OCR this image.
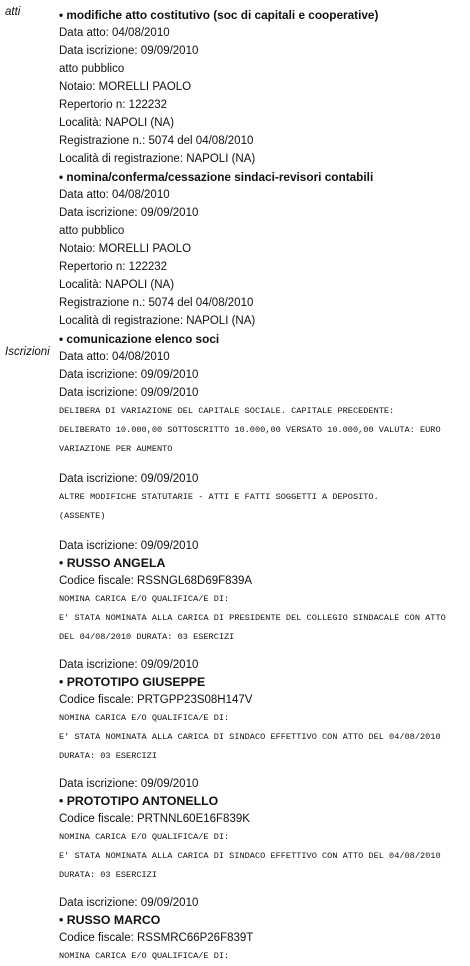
atti
Iscrizioni
• modifiche atto costitutivo (soc di capitali e cooperative)
Data atto: 04/08/2010
Data iscrizione: 09/09/2010
atto pubblico
Notaio: MORELLI PAOLO
Repertorio n: 122232
Località: NAPOLI (NA)
Registrazione n.: 5074 del 04/08/2010
Località di registrazione: NAPOLI (NA)
• nomina/conferma/cessazione sindaci-revisori contabili
Data atto: 04/08/2010
Data iscrizione: 09/09/2010
atto pubblico
Notaio: MORELLI PAOLO
Repertorio n: 122232
Località: NAPOLI (NA)
Registrazione n.: 5074 del 04/08/2010
Località di registrazione: NAPOLI (NA)
• comunicazione elenco soci
Data atto: 04/08/2010
Data iscrizione: 09/09/2010
Data iscrizione: 09/09/2010
DELIBERA DI VARIAZIONE DEL CAPITALE SOCIALE. CAPITALE PRECEDENTE:
DELIBERATO 10.000,00 SOTTOSCRITTO 10.000,00 VERSATO 10.000,00 VALUTA: EURO
VARIAZIONE PER AUMENTO
Data iscrizione: 09/09/2010
ALTRE MODIFICHE STATUTARIE - ATTI E FATTI SOGGETTI A DEPOSITO.
(ASSENTE)
Data iscrizione: 09/09/2010
• RUSSO ANGELA
Codice fiscale: RSSNGL68D69F839A
NOMINA CARICA E/O QUALIFICA/E DI:
E' STATA NOMINATA ALLA CARICA DI PRESIDENTE DEL COLLEGIO SINDACALE CON ATTO
DEL 04/08/2010 DURATA: 03 ESERCIZI
Data iscrizione: 09/09/2010
• PROTOTIPO GIUSEPPE
Codice fiscale: PRTGPP23S08H147V
NOMINA CARICA E/O QUALIFICA/E DI:
E' STATA NOMINATA ALLA CARICA DI SINDACO EFFETTIVO CON ATTO DEL 04/08/2010
DURATA: 03 ESERCIZI
Data iscrizione: 09/09/2010
• PROTOTIPO ANTONELLO
Codice fiscale: PRTNNL60E16F839K
NOMINA CARICA E/O QUALIFICA/E DI:
E' STATA NOMINATA ALLA CARICA DI SINDACO EFFETTIVO CON ATTO DEL 04/08/2010
DURATA: 03 ESERCIZI
Data iscrizione: 09/09/2010
• RUSSO MARCO
Codice fiscale: RSSMRC66P26F839T
NOMINA CARICA E/O QUALIFICA/E DI:
